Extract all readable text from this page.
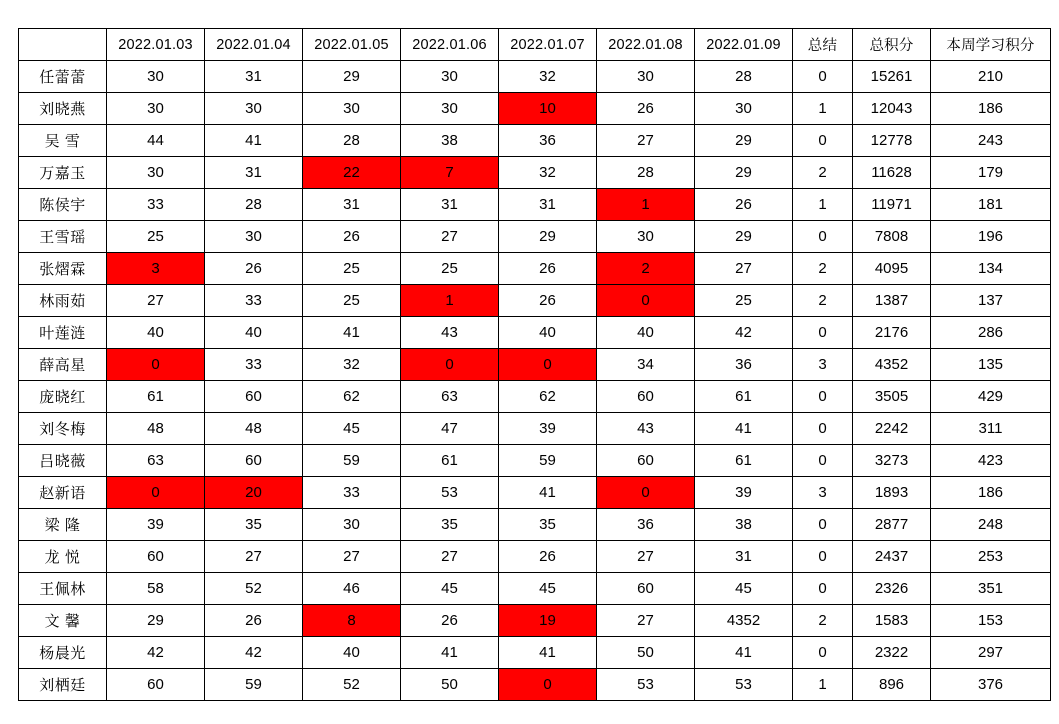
	2022.01.03	2022.01.04	2022.01.05	2022.01.06	2022.01.07	2022.01.08	2022.01.09	总结	总积分	本周学习积分
任蕾蕾	30	31	29	30	32	30	28	0	15261	210
刘晓燕	30	30	30	30	10	26	30	1	12043	186
吴 雪	44	41	28	38	36	27	29	0	12778	243
万嘉玉	30	31	22	7	32	28	29	2	11628	179
陈侯宇	33	28	31	31	31	1	26	1	11971	181
王雪瑶	25	30	26	27	29	30	29	0	7808	196
张熠霖	3	26	25	25	26	2	27	2	4095	134
林雨茹	27	33	25	1	26	0	25	2	1387	137
叶莲涟	40	40	41	43	40	40	42	0	2176	286
薛高星	0	33	32	0	0	34	36	3	4352	135
庞晓红	61	60	62	63	62	60	61	0	3505	429
刘冬梅	48	48	45	47	39	43	41	0	2242	311
吕晓薇	63	60	59	61	59	60	61	0	3273	423
赵新语	0	20	33	53	41	0	39	3	1893	186
梁 隆	39	35	30	35	35	36	38	0	2877	248
龙 悦	60	27	27	27	26	27	31	0	2437	253
王佩林	58	52	46	45	45	60	45	0	2326	351
文 馨	29	26	8	26	19	27	4352	2	1583	153
杨晨光	42	42	40	41	41	50	41	0	2322	297
刘栖廷	60	59	52	50	0	53	53	1	896	376
